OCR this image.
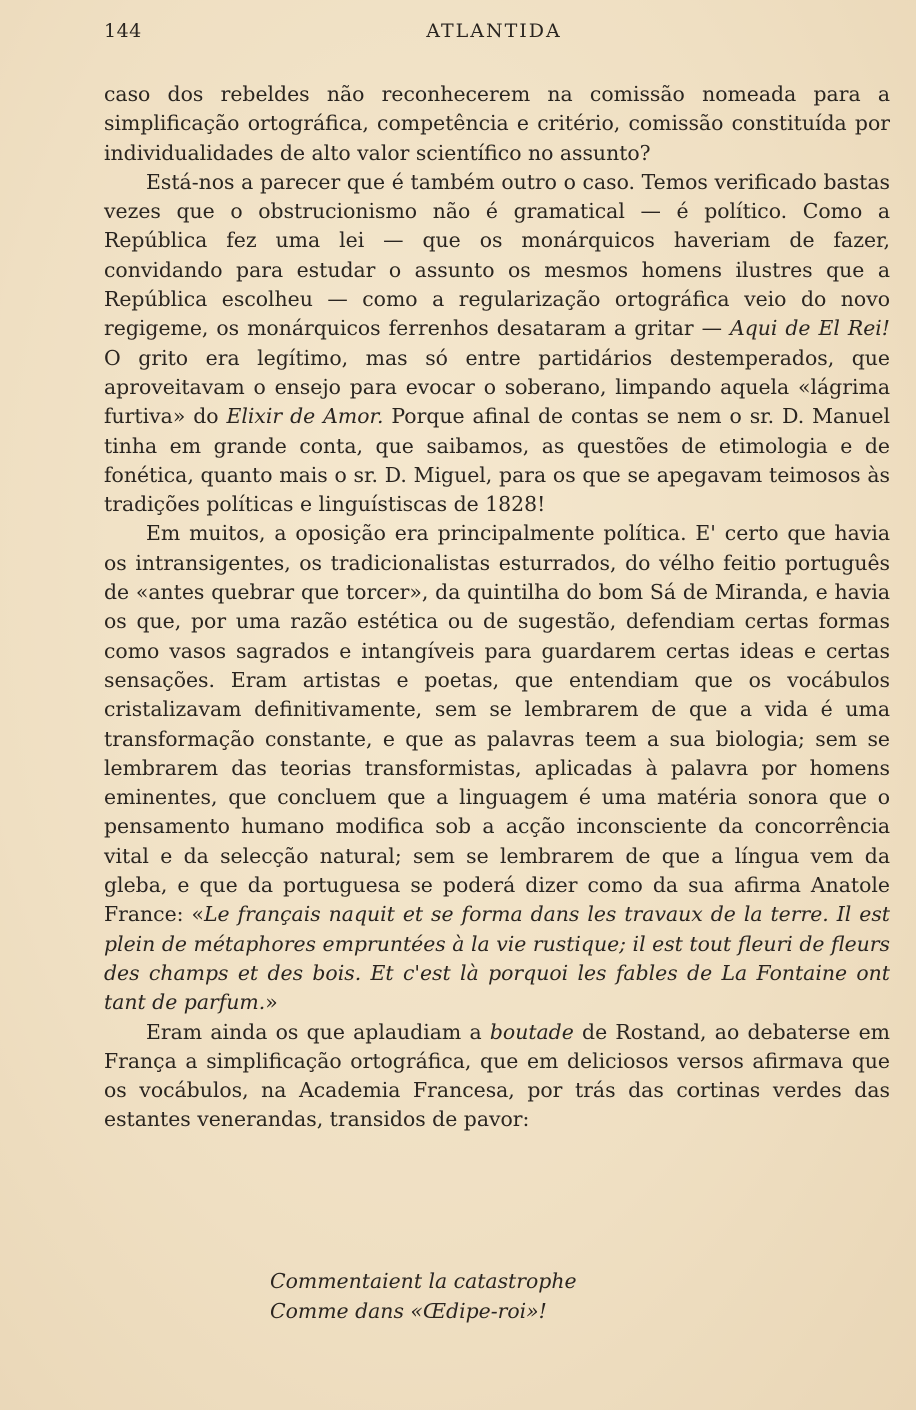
144	ATLANTIDA

caso dos rebeldes não reconhecerem na comissão nomeada para a simplificação ortográfica, competência e critério, comissão constituída por individualidades de alto valor scientífico no assunto?

Está-nos a parecer que é também outro o caso. Temos verificado bastas vezes que o obstrucionismo não é gramatical — é político. Como a República fez uma lei — que os monárquicos haveriam de fazer, convidando para estudar o assunto os mesmos homens ilustres que a República escolheu — como a regularização ortográfica veio do novo regigeme, os monárquicos ferrenhos desataram a gritar — Aqui de El Rei! O grito era legítimo, mas só entre partidários destemperados, que aproveitavam o ensejo para evocar o soberano, limpando aquela «lágrima furtiva» do Elixir de Amor. Porque afinal de contas se nem o sr. D. Manuel tinha em grande conta, que saibamos, as questões de etimologia e de fonética, quanto mais o sr. D. Miguel, para os que se apegavam teimosos às tradições políticas e linguístiscas de 1828!

Em muitos, a oposição era principalmente política. E' certo que havia os intransigentes, os tradicionalistas esturrados, do vélho feitio português de «antes quebrar que torcer», da quintilha do bom Sá de Miranda, e havia os que, por uma razão estética ou de sugestão, defendiam certas formas como vasos sagrados e intangíveis para guardarem certas ideas e certas sensações. Eram artistas e poetas, que entendiam que os vocábulos cristalizavam definitivamente, sem se lembrarem de que a vida é uma transformação constante, e que as palavras teem a sua biologia; sem se lembrarem das teorias transformistas, aplicadas à palavra por homens eminentes, que concluem que a linguagem é uma matéria sonora que o pensamento humano modifica sob a acção inconsciente da concorrência vital e da selecção natural; sem se lembrarem de que a língua vem da gleba, e que da portuguesa se poderá dizer como da sua afirma Anatole France: «Le français naquit et se forma dans les travaux de la terre. Il est plein de métaphores empruntées à la vie rustique; il est tout fleuri de fleurs des champs et des bois. Et c'est là porquoi les fables de La Fontaine ont tant de parfum.»

Eram ainda os que aplaudiam a boutade de Rostand, ao debaterse em França a simplificação ortográfica, que em deliciosos versos afirmava que os vocábulos, na Academia Francesa, por trás das cortinas verdes das estantes venerandas, transidos de pavor:

Commentaient la catastrophe
Comme dans «Œdipe-roi»!
